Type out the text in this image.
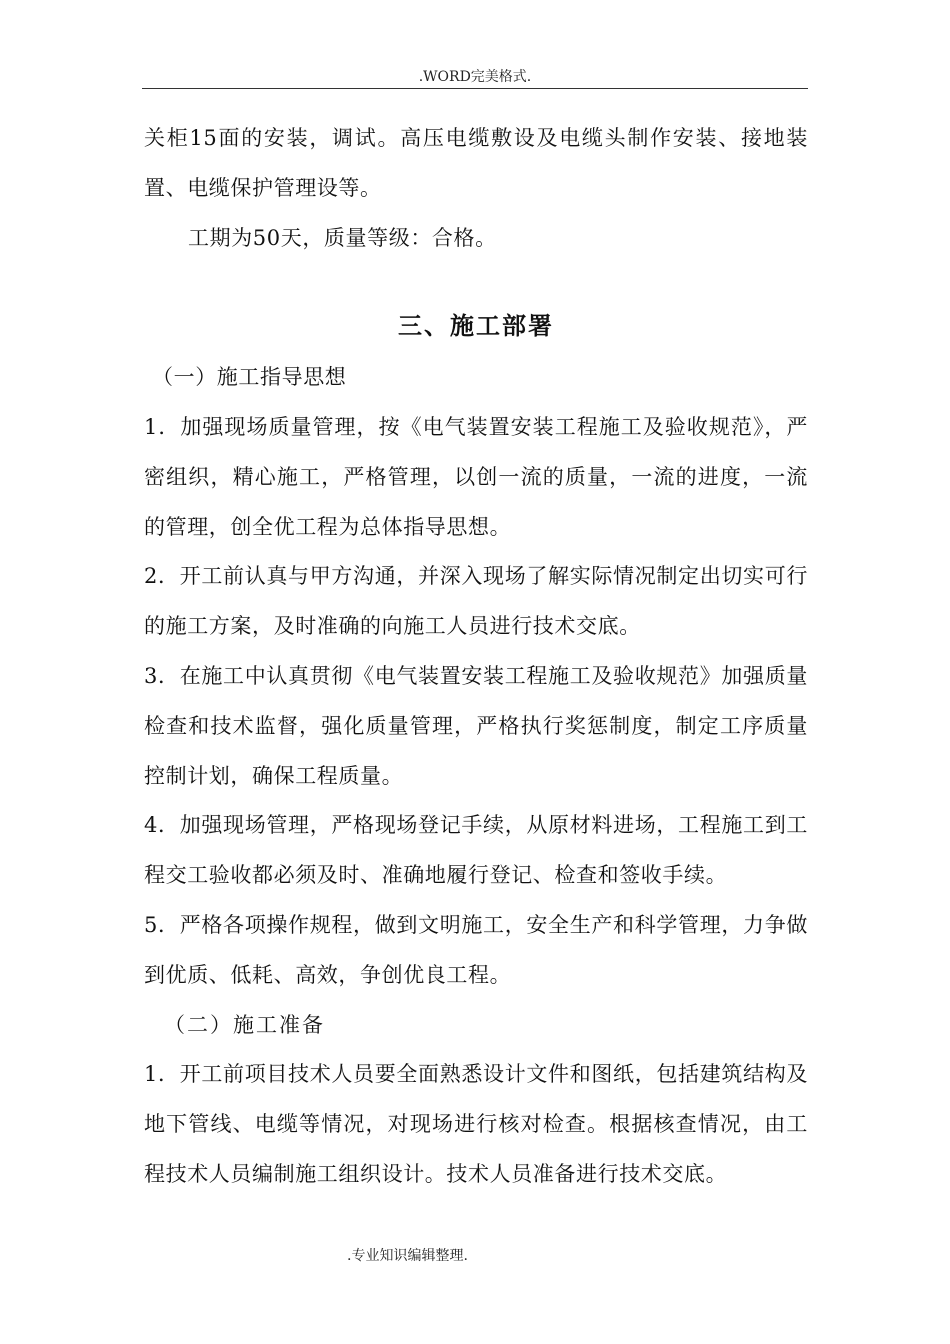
.WORD完美格式.

关柜15面的安装，调试。高压电缆敷设及电缆头制作安装、接地装置、电缆保护管理设等。

工期为50天，质量等级：合格。

三、施工部署

（一）施工指导思想

1．加强现场质量管理，按《电气装置安装工程施工及验收规范》，严密组织，精心施工，严格管理，以创一流的质量，一流的进度，一流的管理，创全优工程为总体指导思想。

2．开工前认真与甲方沟通，并深入现场了解实际情况制定出切实可行的施工方案，及时准确的向施工人员进行技术交底。

3．在施工中认真贯彻《电气装置安装工程施工及验收规范》加强质量检查和技术监督，强化质量管理，严格执行奖惩制度，制定工序质量控制计划，确保工程质量。

4．加强现场管理，严格现场登记手续，从原材料进场，工程施工到工程交工验收都必须及时、准确地履行登记、检查和签收手续。

5．严格各项操作规程，做到文明施工，安全生产和科学管理，力争做到优质、低耗、高效，争创优良工程。

（二）施工准备

1．开工前项目技术人员要全面熟悉设计文件和图纸，包括建筑结构及地下管线、电缆等情况，对现场进行核对检查。根据核查情况，由工程技术人员编制施工组织设计。技术人员准备进行技术交底。

.专业知识编辑整理.
